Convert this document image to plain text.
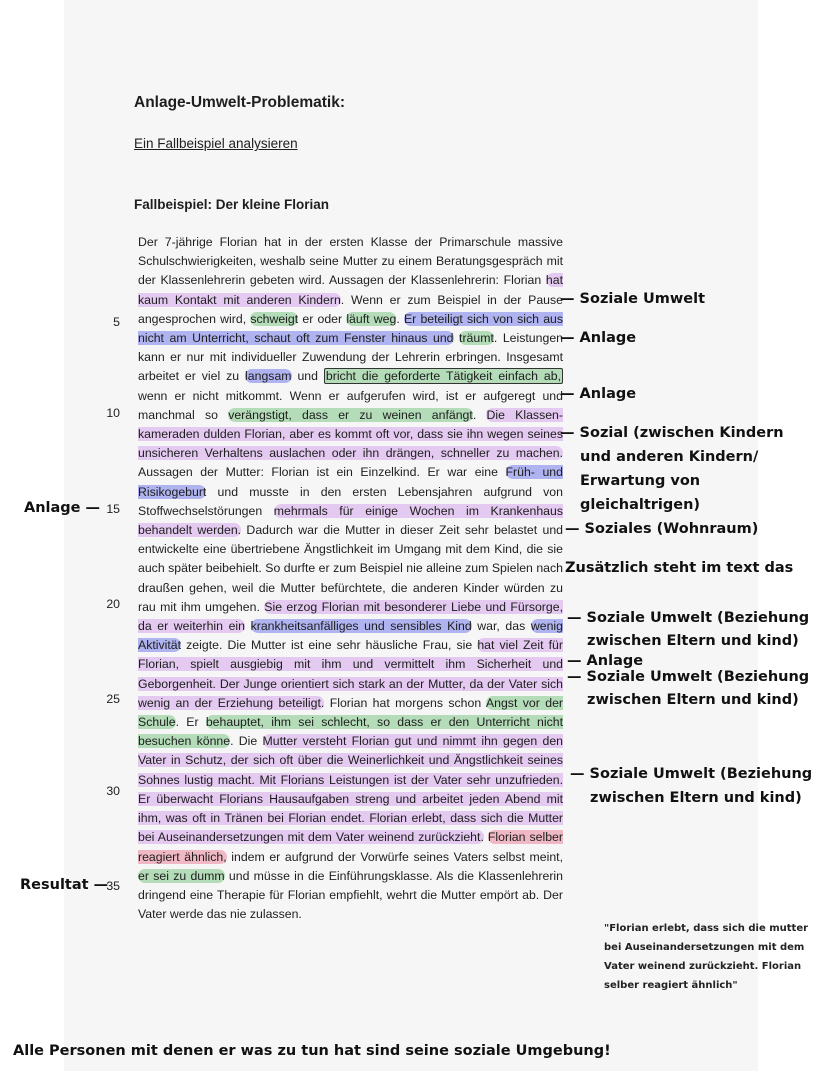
Anlage-Umwelt-Problematik:
Ein Fallbeispiel analysieren
Fallbeispiel: Der kleine Florian

Der 7-jährige Florian hat in der ersten Klasse der Primarschule massive Schulschwierigkeiten, weshalb seine Mutter zu einem Beratungsgespräch mit der Klassenlehrerin gebeten wird. Aussagen der Klassenlehrerin: Florian hat kaum Kontakt mit anderen Kindern. Wenn er zum Beispiel in der Pause angesprochen wird, schweigt er oder läuft weg. Er beteiligt sich von sich aus nicht am Unterricht, schaut oft zum Fenster hinaus und träumt. Leistungen kann er nur mit individueller Zuwendung der Lehrerin erbringen. Insgesamt arbeitet er viel zu langsam und bricht die geforderte Tätigkeit einfach ab, wenn er nicht mitkommt. Wenn er aufgerufen wird, ist er aufgeregt und manchmal so verängstigt, dass er zu weinen anfängt. Die Klassen-kameraden dulden Florian, aber es kommt oft vor, dass sie ihn wegen seines unsicheren Verhaltens auslachen oder ihn drängen, schneller zu machen. Aussagen der Mutter: Florian ist ein Einzelkind. Er war eine Früh- und Risikogeburt und musste in den ersten Lebensjahren aufgrund von Stoffwechselstörungen mehrmals für einige Wochen im Krankenhaus behandelt werden. Dadurch war die Mutter in dieser Zeit sehr belastet und entwickelte eine übertriebene Ängstlichkeit im Umgang mit dem Kind, die sie auch später beibehielt. So durfte er zum Beispiel nie alleine zum Spielen nach draußen gehen, weil die Mutter befürchtete, die anderen Kinder würden zu rau mit ihm umgehen. Sie erzog Florian mit besonderer Liebe und Fürsorge, da er weiterhin ein krankheitsanfälliges und sensibles Kind war, das wenig Aktivität zeigte. Die Mutter ist eine sehr häusliche Frau, sie hat viel Zeit für Florian, spielt ausgiebig mit ihm und vermittelt ihm Sicherheit und Geborgenheit. Der Junge orientiert sich stark an der Mutter, da der Vater sich wenig an der Erziehung beteiligt. Florian hat morgens schon Angst vor der Schule. Er behauptet, ihm sei schlecht, so dass er den Unterricht nicht besuchen könne. Die Mutter versteht Florian gut und nimmt ihn gegen den Vater in Schutz, der sich oft über die Weinerlichkeit und Ängstlichkeit seines Sohnes lustig macht. Mit Florians Leistungen ist der Vater sehr unzufrieden. Er überwacht Florians Hausaufgaben streng und arbeitet jeden Abend mit ihm, was oft in Tränen bei Florian endet. Florian erlebt, dass sich die Mutter bei Auseinandersetzungen mit dem Vater weinend zurückzieht. Florian selber reagiert ähnlich, indem er aufgrund der Vorwürfe seines Vaters selbst meint, er sei zu dumm und müsse in die Einführungsklasse. Als die Klassenlehrerin dringend eine Therapie für Florian empfiehlt, wehrt die Mutter empört ab. Der Vater werde das nie zulassen.

5
10
15
20
25
30
35
— Soziale Umwelt
— Anlage
— Anlage
— Sozial (zwischen Kindern
und anderen Kindern/
Erwartung von
gleichaltrigen)
— Soziales (Wohnraum)
Zusätzlich steht im text das
— Soziale Umwelt (Beziehung
zwischen Eltern und kind)
— Anlage
— Soziale Umwelt (Beziehung
zwischen Eltern und kind)
— Soziale Umwelt (Beziehung
zwischen Eltern und kind)
Anlage —
Resultat —
"Florian erlebt, dass sich die mutter bei Auseinandersetzungen mit dem Vater weinend zurückzieht. Florian selber reagiert ähnlich"
Alle Personen mit denen er was zu tun hat sind seine soziale Umgebung!
